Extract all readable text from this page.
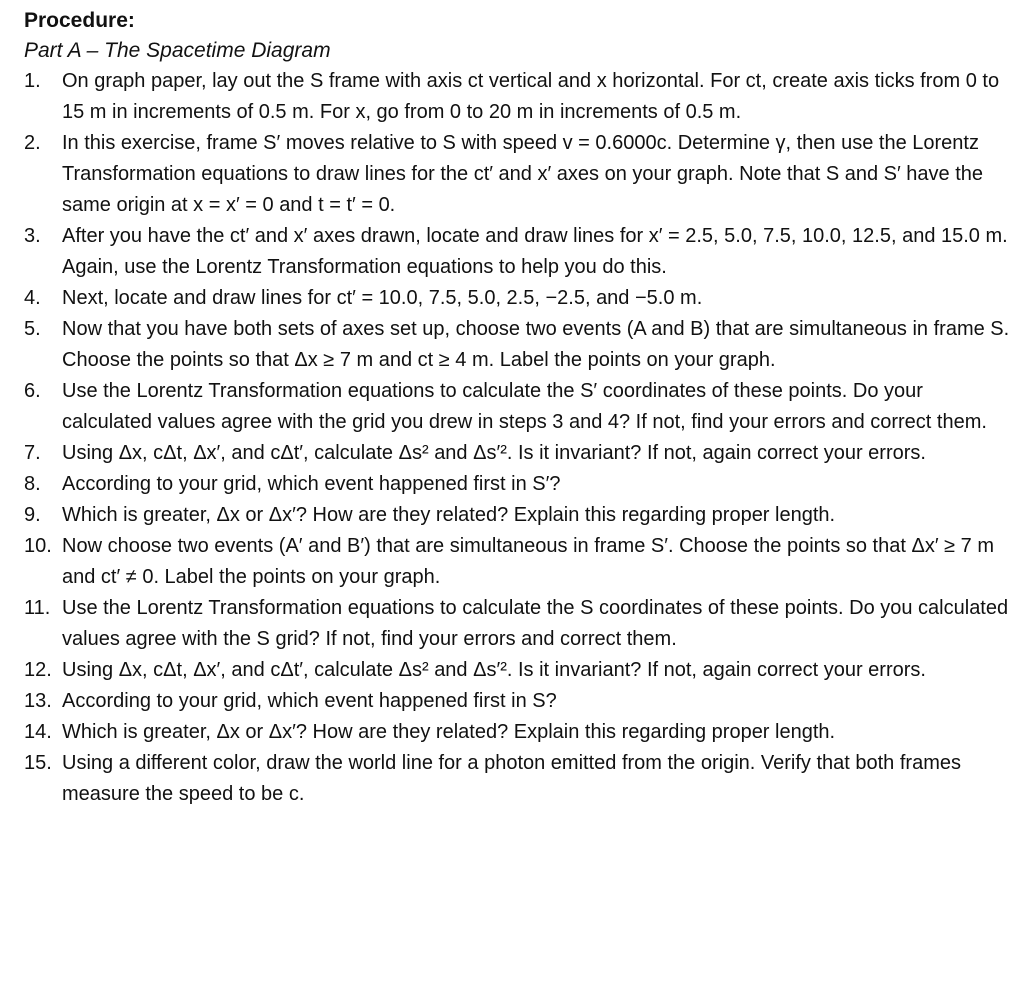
Procedure:

Part A – The Spacetime Diagram

1.	On graph paper, lay out the S frame with axis ct vertical and x horizontal. For ct, create axis ticks from 0 to 15 m in increments of 0.5 m. For x, go from 0 to 20 m in increments of 0.5 m.
2.	In this exercise, frame S′ moves relative to S with speed v = 0.6000c. Determine γ, then use the Lorentz Transformation equations to draw lines for the ct′ and x′ axes on your graph. Note that S and S′ have the same origin at x = x′ = 0 and t = t′ = 0.
3.	After you have the ct′ and x′ axes drawn, locate and draw lines for x′ = 2.5, 5.0, 7.5, 10.0, 12.5, and 15.0 m. Again, use the Lorentz Transformation equations to help you do this.
4.	Next, locate and draw lines for ct′ = 10.0, 7.5, 5.0, 2.5, −2.5, and −5.0 m.
5.	Now that you have both sets of axes set up, choose two events (A and B) that are simultaneous in frame S. Choose the points so that Δx ≥ 7 m and ct ≥ 4 m. Label the points on your graph.
6.	Use the Lorentz Transformation equations to calculate the S′ coordinates of these points. Do your calculated values agree with the grid you drew in steps 3 and 4? If not, find your errors and correct them.
7.	Using Δx, cΔt, Δx′, and cΔt′, calculate Δs² and Δs′². Is it invariant? If not, again correct your errors.
8.	According to your grid, which event happened first in S′?
9.	Which is greater, Δx or Δx′? How are they related? Explain this regarding proper length.
10. Now choose two events (A′ and B′) that are simultaneous in frame S′. Choose the points so that Δx′ ≥ 7 m and ct′ ≠ 0. Label the points on your graph.
11. Use the Lorentz Transformation equations to calculate the S coordinates of these points. Do you calculated values agree with the S grid? If not, find your errors and correct them.
12. Using Δx, cΔt, Δx′, and cΔt′, calculate Δs² and Δs′². Is it invariant? If not, again correct your errors.
13. According to your grid, which event happened first in S?
14. Which is greater, Δx or Δx′? How are they related? Explain this regarding proper length.
15. Using a different color, draw the world line for a photon emitted from the origin. Verify that both frames measure the speed to be c.
